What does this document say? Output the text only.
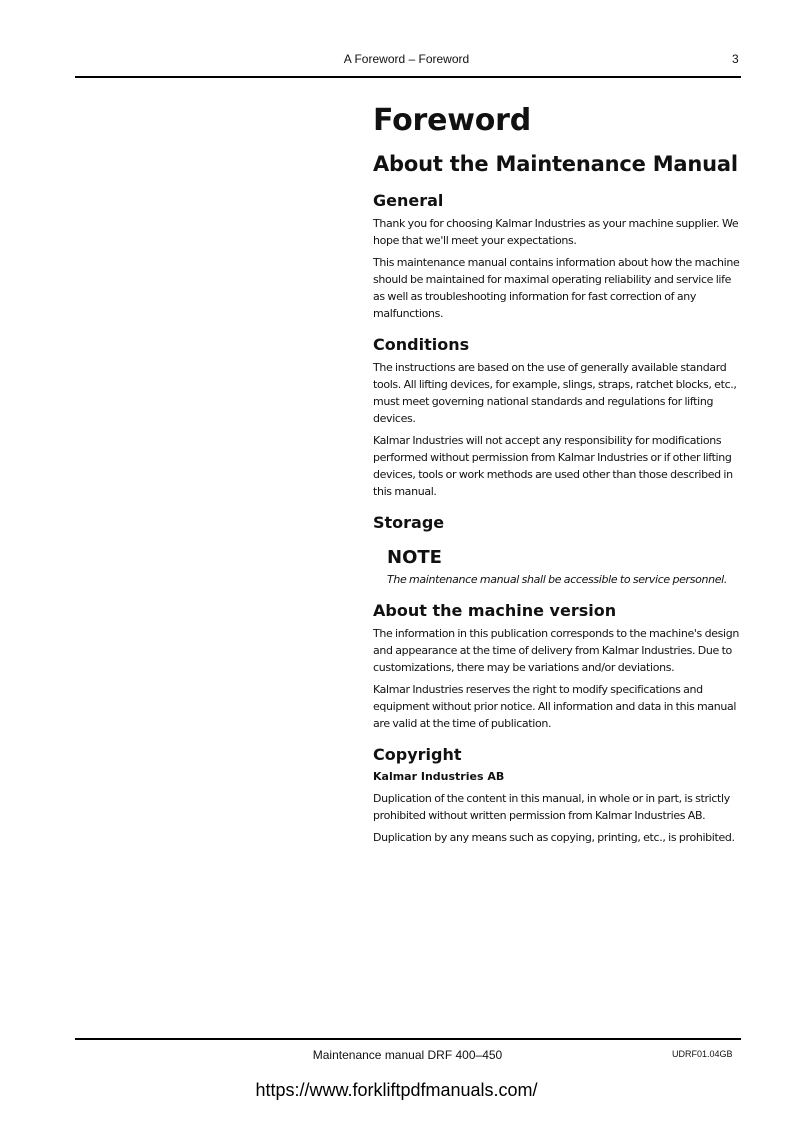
A Foreword – Foreword	3
Foreword
About the Maintenance Manual
General

Thank you for choosing Kalmar Industries as your machine supplier. We hope that we'll meet your expectations.

This maintenance manual contains information about how the machine should be maintained for maximal operating reliability and service life as well as troubleshooting information for fast correction of any malfunctions.

Conditions

The instructions are based on the use of generally available standard tools. All lifting devices, for example, slings, straps, ratchet blocks, etc., must meet governing national standards and regulations for lifting devices.

Kalmar Industries will not accept any responsibility for modifications performed without permission from Kalmar Industries or if other lifting devices, tools or work methods are used other than those described in this manual.

Storage
NOTE

The maintenance manual shall be accessible to service personnel.

About the machine version

The information in this publication corresponds to the machine's design and appearance at the time of delivery from Kalmar Industries. Due to customizations, there may be variations and/or deviations.

Kalmar Industries reserves the right to modify specifications and equipment without prior notice. All information and data in this manual are valid at the time of publication.

Copyright
Kalmar Industries AB

Duplication of the content in this manual, in whole or in part, is strictly prohibited without written permission from Kalmar Industries AB.

Duplication by any means such as copying, printing, etc., is prohibited.

Maintenance manual DRF 400–450	UDRF01.04GB
https://www.forkliftpdfmanuals.com/
